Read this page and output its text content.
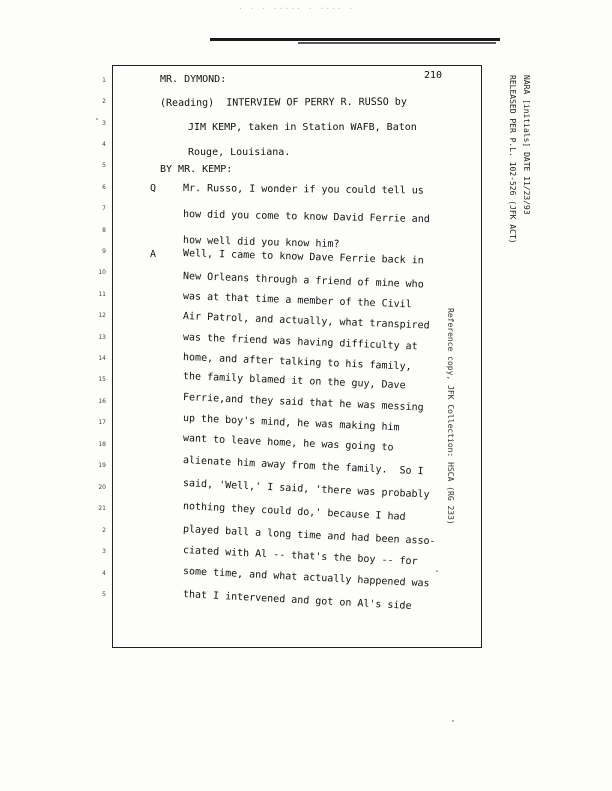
· · · ····· · ···· ·
210
1	MR. DYMOND:
2	(Reading)  INTERVIEW OF PERRY R. RUSSO by
3	JIM KEMP, taken in Station WAFB, Baton
4
Rouge, Louisiana.
5	BY MR. KEMP:
6	Q	Mr. Russo, I wonder if you could tell us
7
how did you come to know David Ferrie and
8
how well did you know him?
9	A	Well, I came to know Dave Ferrie back in
10	New Orleans through a friend of mine who
11	was at that time a member of the Civil
12	Air Patrol, and actually, what transpired
13	was the friend was having difficulty at
14	home, and after talking to his family,
15	the family blamed it on the guy, Dave
16	Ferrie,and they said that he was messing
17	up the boy's mind, he was making him
18	want to leave home, he was going to
19	alienate him away from the family.  So I
20	said, 'Well,' I said, 'there was probably
21	nothing they could do,' because I had
2	played ball a long time and had been asso-
3	ciated with Al -- that's the boy -- for
4	some time, and what actually happened was
5	that I intervened and got on Al's side
RELEASED PER P.L. 102-526 (JFK ACT) NARA [initials] DATE 11/23/93
Reference copy, JFK Collection: HSCA (RG 233)
